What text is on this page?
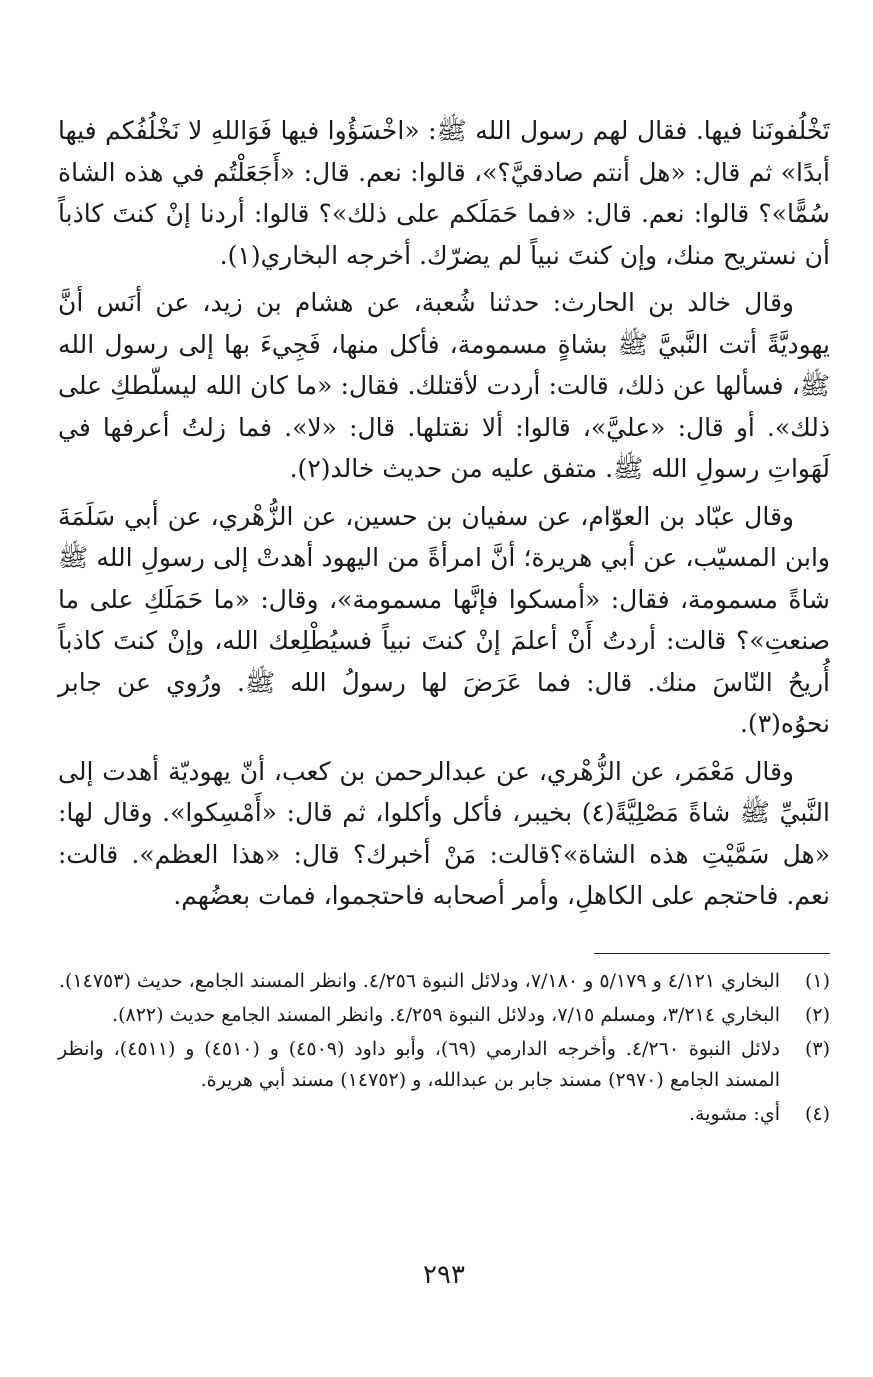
تَخْلُفونَنا فيها. فقال لهم رسول الله ﷺ: «اخْسَؤُوا فيها فَوَاللهِ لا نَخْلُفُكم فيها أبدًا» ثم قال: «هل أنتم صادقيَّ؟»، قالوا: نعم. قال: «أَجَعَلْتُم في هذه الشاة سُمًّا»؟ قالوا: نعم. قال: «فما حَمَلَكم على ذلك»؟ قالوا: أردنا إنْ كنتَ كاذباً أن نستريح منك، وإن كنتَ نبياً لم يضرّك. أخرجه البخاري(١).

وقال خالد بن الحارث: حدثنا شُعبة، عن هشام بن زيد، عن أنَس أنَّ يهوديَّةً أتت النَّبيَّ ﷺ بشاةٍ مسمومة، فأكل منها، فَجِيءَ بها إلى رسول الله ﷺ، فسألها عن ذلك، قالت: أردت لأقتلك. فقال: «ما كان الله ليسلّطكِ على ذلك». أو قال: «عليَّ»، قالوا: ألا نقتلها. قال: «لا». فما زلتُ أعرفها في لَهَواتِ رسولِ الله ﷺ. متفق عليه من حديث خالد(٢).

وقال عبّاد بن العوّام، عن سفيان بن حسين، عن الزُّهْري، عن أبي سَلَمَةَ وابن المسيّب، عن أبي هريرة؛ أنَّ امرأةً من اليهود أهدتْ إلى رسولِ الله ﷺ شاةً مسمومة، فقال: «أمسكوا فإنَّها مسمومة»، وقال: «ما حَمَلَكِ على ما صنعتِ»؟ قالت: أردتُ أَنْ أعلمَ إنْ كنتَ نبياً فسيُطْلِعك الله، وإنْ كنتَ كاذباً أُريحُ النّاسَ منك. قال: فما عَرَضَ لها رسولُ الله ﷺ. ورُوي عن جابر نحوُه(٣).

وقال مَعْمَر، عن الزُّهْري، عن عبدالرحمن بن كعب، أنّ يهوديّة أهدت إلى النَّبيِّ ﷺ شاةً مَصْلِيَّةً(٤) بخيبر، فأكل وأكلوا، ثم قال: «أَمْسِكوا». وقال لها: «هل سَمَّيْتِ هذه الشاة»؟قالت: مَنْ أخبرك؟ قال: «هذا العظم». قالت: نعم. فاحتجم على الكاهلِ، وأمر أصحابه فاحتجموا، فمات بعضُهم.

(١)
البخاري ٤/١٢١ و ٥/١٧٩ و ٧/١٨٠، ودلائل النبوة ٤/٢٥٦. وانظر المسند الجامع، حديث (١٤٧٥٣).
(٢)
البخاري ٣/٢١٤، ومسلم ٧/١٥، ودلائل النبوة ٤/٢٥٩. وانظر المسند الجامع حديث (٨٢٢).
(٣)
دلائل النبوة ٤/٢٦٠. وأخرجه الدارمي (٦٩)، وأبو داود (٤٥٠٩) و (٤٥١٠) و (٤٥١١)، وانظر المسند الجامع (٢٩٧٠) مسند جابر بن عبدالله، و (١٤٧٥٢) مسند أبي هريرة.
(٤)
أي: مشوية.
٢٩٣
